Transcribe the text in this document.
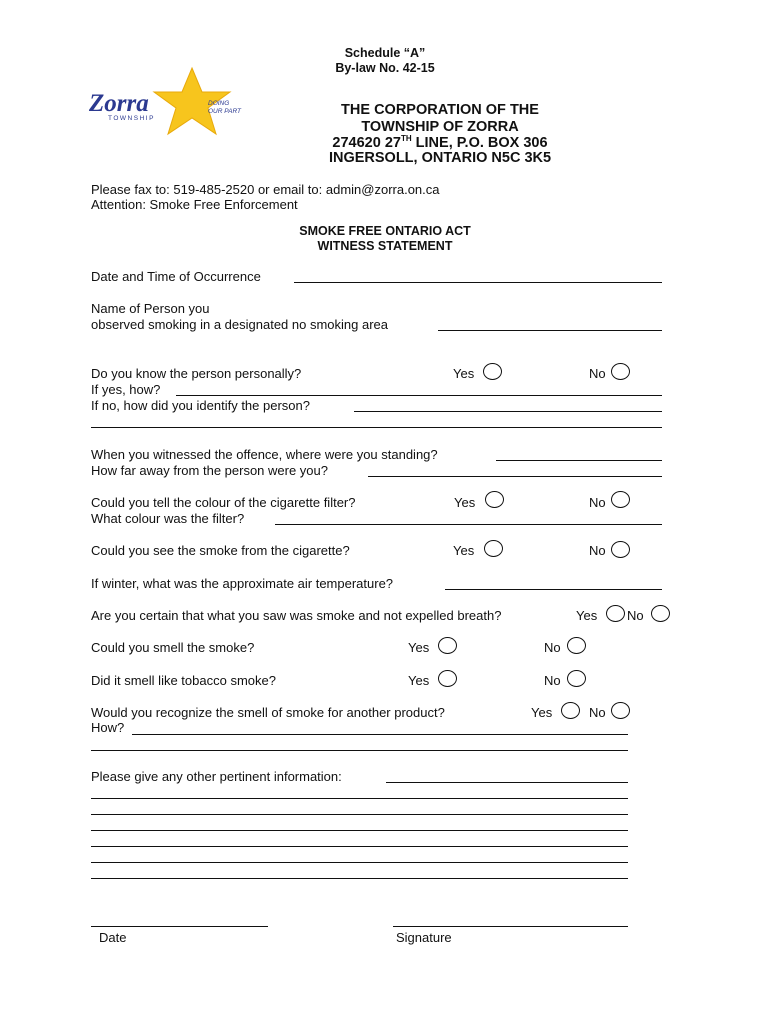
Schedule “A”
By-law No. 42-15
Zorra
TOWNSHIP
DOING
OUR PART	THE CORPORATION OF THE
TOWNSHIP OF ZORRA
274620 27TH LINE, P.O. BOX 306
INGERSOLL, ONTARIO N5C 3K5
Please fax to: 519-485-2520 or email to: admin@zorra.on.ca
Attention: Smoke Free Enforcement
SMOKE FREE ONTARIO ACT
WITNESS STATEMENT
Date and Time of Occurrence
Name of Person you
observed smoking in a designated no smoking area
Do you know the person personally?	Yes	No
If yes, how?
If no, how did you identify the person?
When you witnessed the offence, where were you standing?
How far away from the person were you?
Could you tell the colour of the cigarette filter?	Yes	No
What colour was the filter?
Could you see the smoke from the cigarette?	Yes	No
If winter, what was the approximate air temperature?
Are you certain that what you saw was smoke and not expelled breath?	Yes No
Could you smell the smoke?	Yes	No
Did it smell like tobacco smoke?	Yes	No
Would you recognize the smell of smoke for another product?	Yes	No
How?
Please give any other pertinent information:
Date	Signature
